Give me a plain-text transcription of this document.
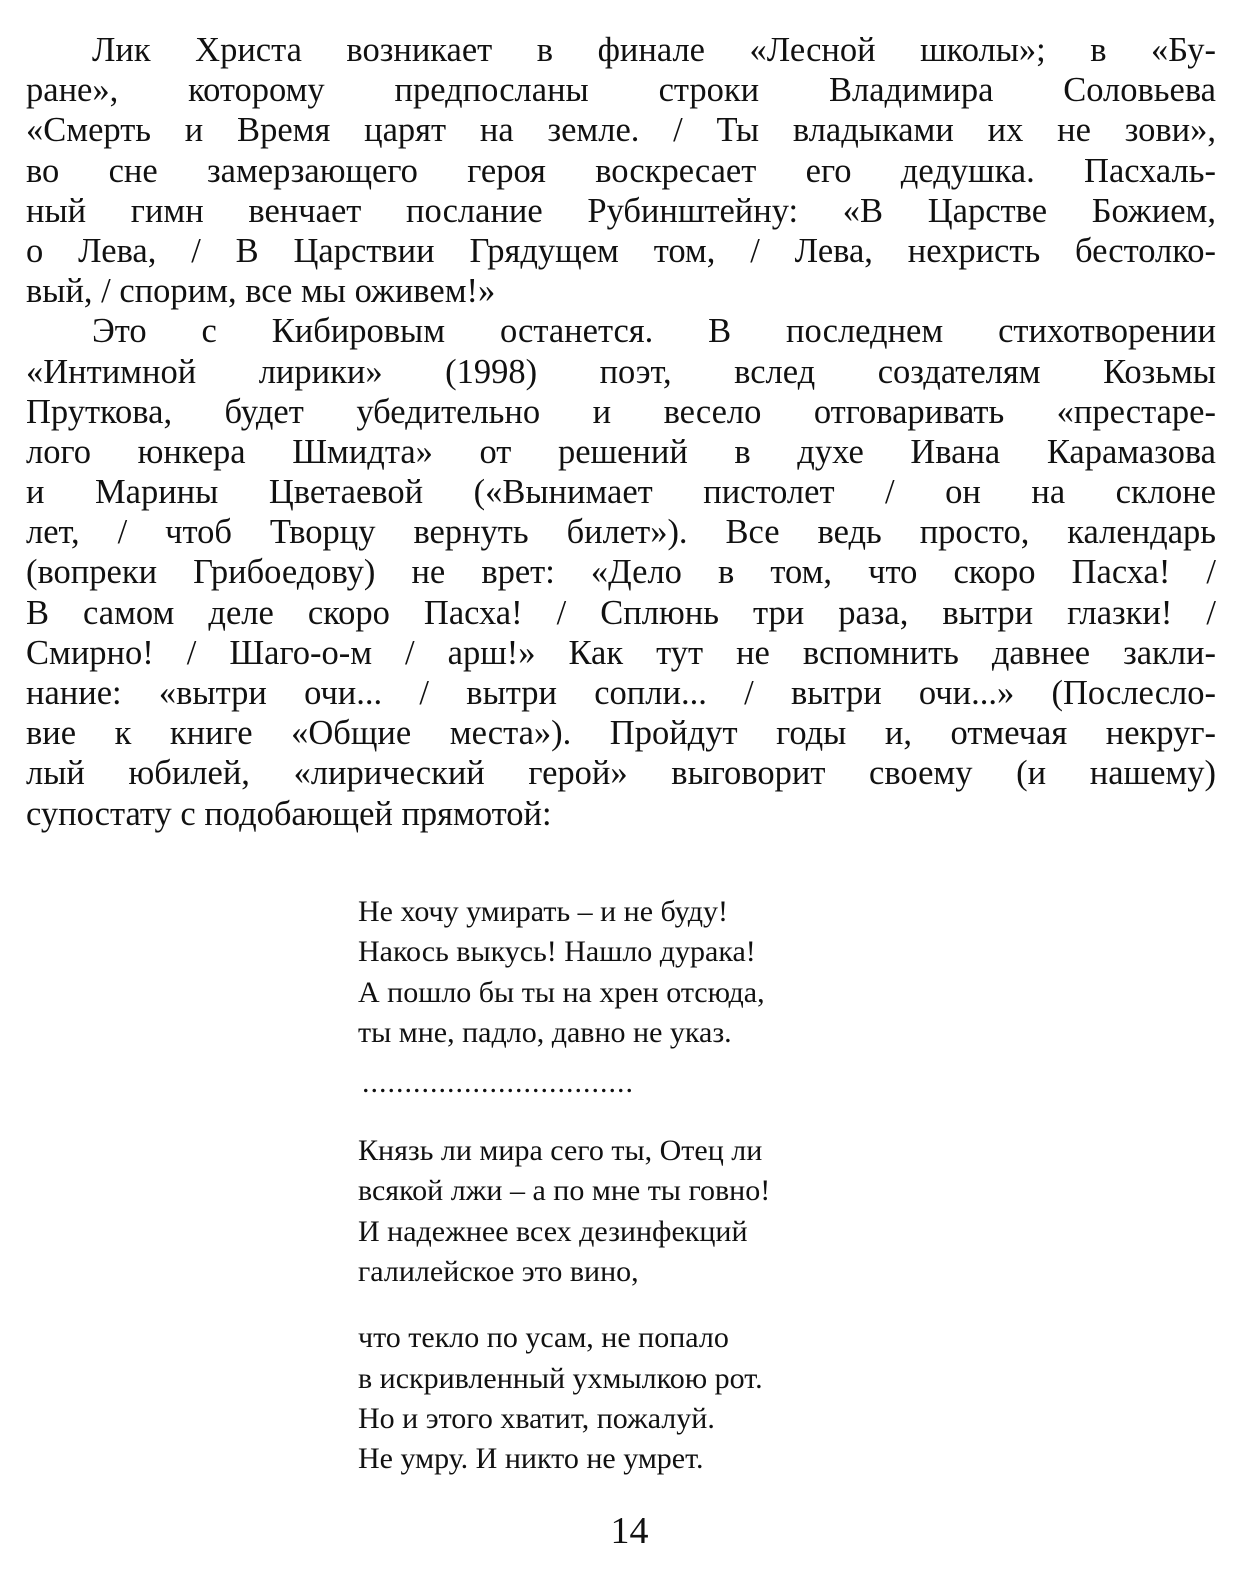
Лик Христа возникает в финале «Лесной школы»; в «Бу-
ране», которому предпосланы строки Владимира Соловьева
«Смерть и Время царят на земле. / Ты владыками их не зови»,
во сне замерзающего героя воскресает его дедушка. Пасхаль-
ный гимн венчает послание Рубинштейну: «В Царстве Божием,
о Лева, / В Царствии Грядущем том, / Лева, нехристь бестолко-
вый, / спорим, все мы оживем!»
Это с Кибировым останется. В последнем стихотворении
«Интимной лирики» (1998) поэт, вслед создателям Козьмы
Пруткова, будет убедительно и весело отговаривать «престаре-
лого юнкера Шмидта» от решений в духе Ивана Карамазова
и Марины Цветаевой («Вынимает пистолет / он на склоне
лет, / чтоб Творцу вернуть билет»). Все ведь просто, календарь
(вопреки Грибоедову) не врет: «Дело в том, что скоро Пасха! /
В самом деле скоро Пасха! / Сплюнь три раза, вытри глазки! /
Смирно! / Шаго-о-м / арш!» Как тут не вспомнить давнее закли-
нание: «вытри очи... / вытри сопли... / вытри очи...» (Послесло-
вие к книге «Общие места»). Пройдут годы и, отмечая некруг-
лый юбилей, «лирический герой» выговорит своему (и нашему)
супостату с подобающей прямотой:
Не хочу умирать – и не буду!
Накось выкусь! Нашло дурака!
А пошло бы ты на хрен отсюда,
ты мне, падло, давно не указ.
................................
Князь ли мира сего ты, Отец ли
всякой лжи – а по мне ты говно!
И надежнее всех дезинфекций
галилейское это вино,
что текло по усам, не попало
в искривленный ухмылкою рот.
Но и этого хватит, пожалуй.
Не умру. И никто не умрет.
14
